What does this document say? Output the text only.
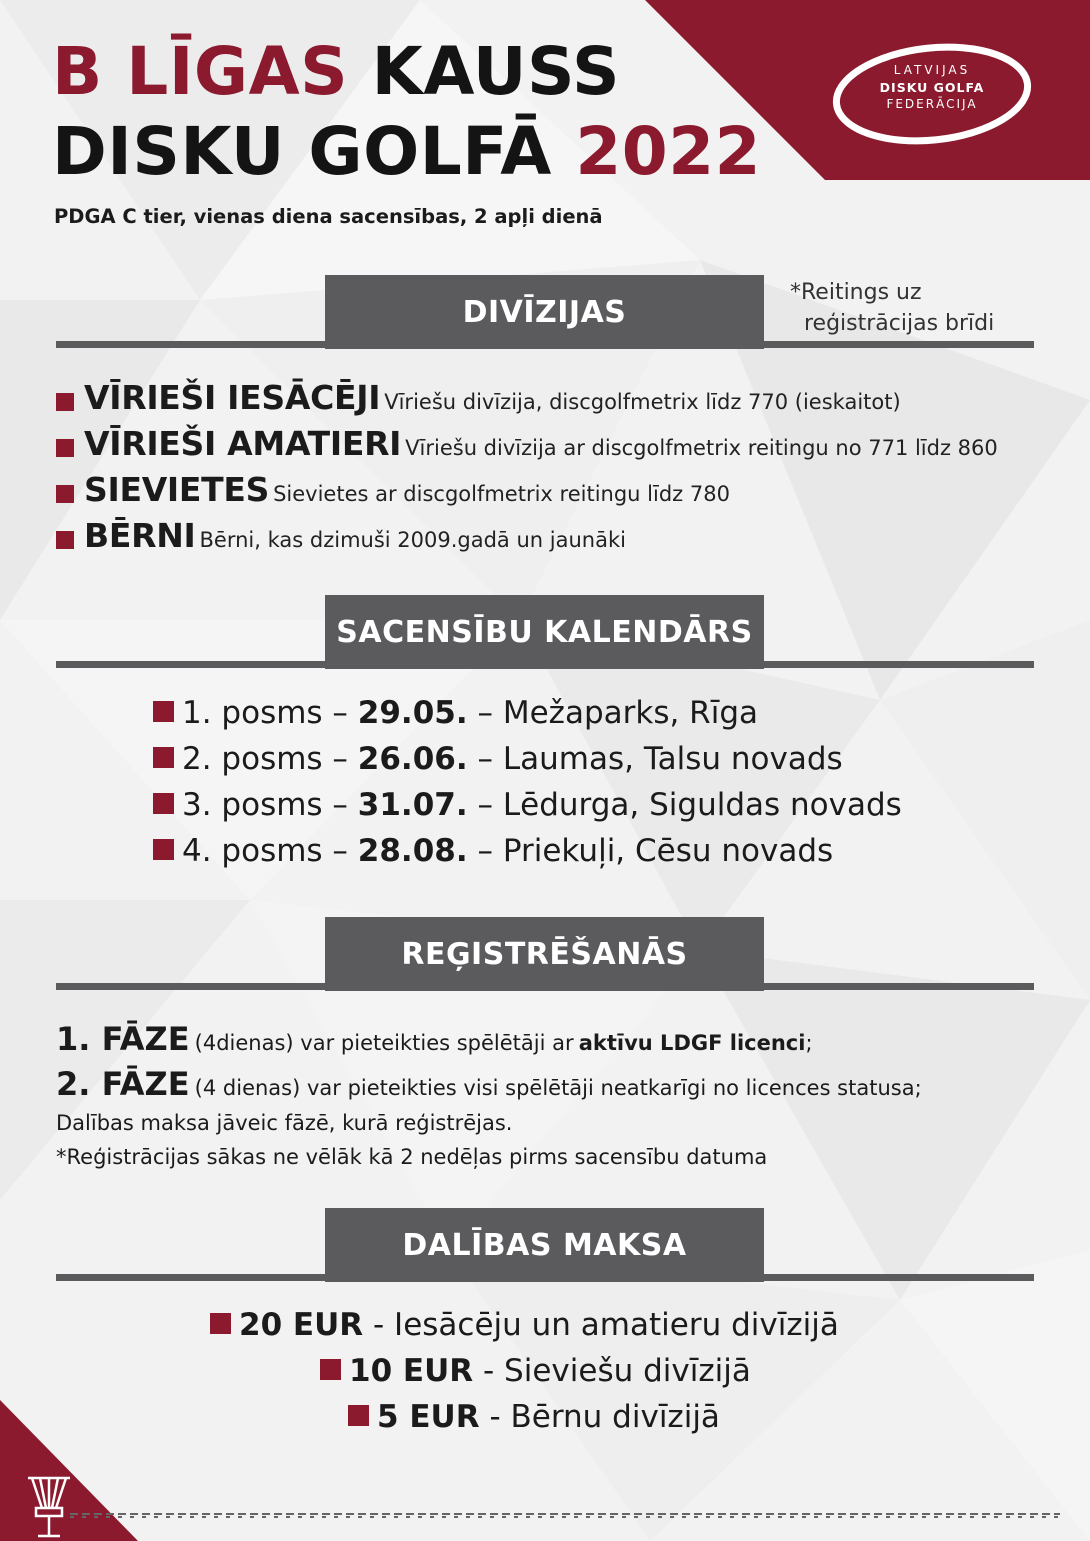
LATVIJAS
DISKU GOLFA
FEDERĀCIJA
B LĪGAS KAUSS
DISKU GOLFĀ 2022
PDGA C tier, vienas diena sacensības, 2 apļi dienā
DIVĪZIJAS
*Reitings uz
reģistrācijas brīdi
VĪRIEŠI IESĀCĒJI Vīriešu divīzija, discgolfmetrix līdz 770 (ieskaitot)
VĪRIEŠI AMATIERI Vīriešu divīzija ar discgolfmetrix reitingu no 771 līdz 860
SIEVIETES Sievietes ar discgolfmetrix reitingu līdz 780
BĒRNI Bērni, kas dzimuši 2009.gadā un jaunāki
SACENSĪBU KALENDĀRS
1. posms – 29.05. – Mežaparks, Rīga
2. posms – 26.06. – Laumas, Talsu novads
3. posms – 31.07. – Lēdurga, Siguldas novads
4. posms – 28.08. – Priekuļi, Cēsu novads
REĢISTRĒŠANĀS
1. FĀZE (4dienas) var pieteikties spēlētāji ar aktīvu LDGF licenci;
2. FĀZE (4 dienas) var pieteikties visi spēlētāji neatkarīgi no licences statusa;
Dalības maksa jāveic fāzē, kurā reģistrējas.
*Reģistrācijas sākas ne vēlāk kā 2 nedēļas pirms sacensību datuma
DALĪBAS MAKSA
20 EUR - Iesācēju un amatieru divīzijā
10 EUR - Sieviešu divīzijā
5 EUR - Bērnu divīzijā
